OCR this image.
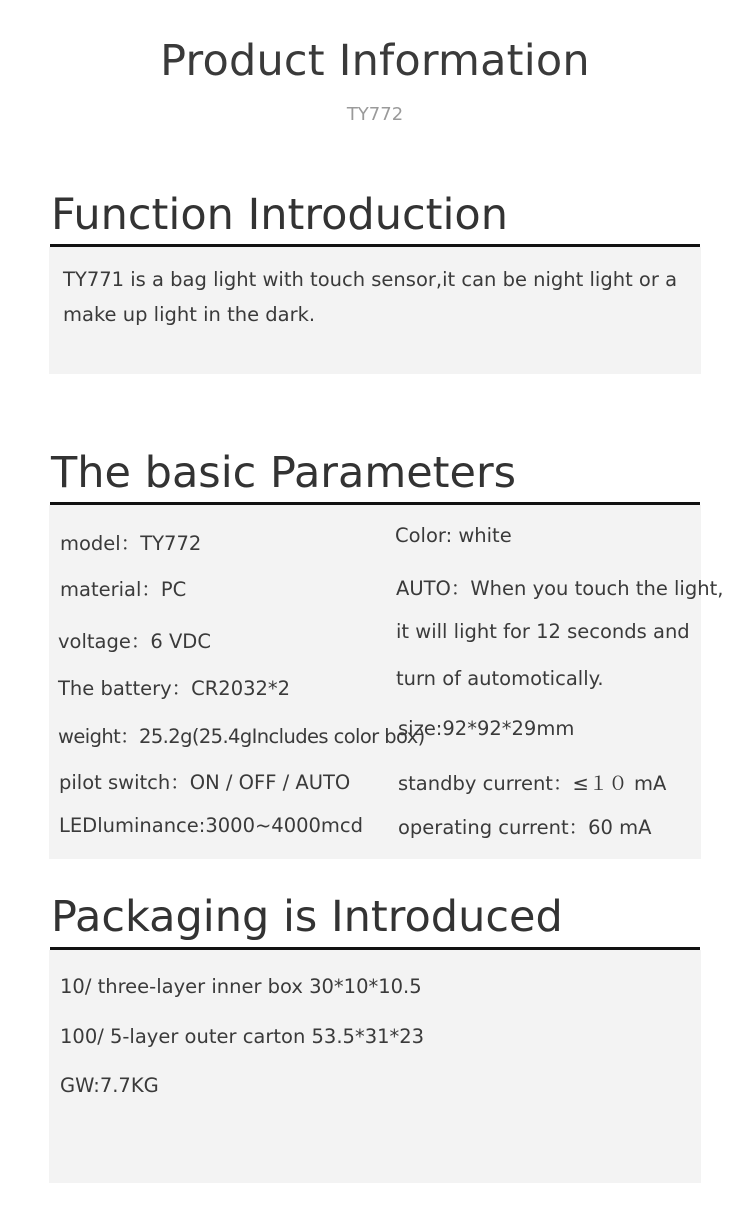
Product Information
TY772
Function Introduction
TY771 is a bag light with touch sensor,it can be night light or a make up light in the dark.
The basic Parameters
model：TY772
material：PC
voltage：6 VDC
The battery：CR2032*2
weight：25.2g(25.4gIncludes color box)
pilot switch：ON / OFF / AUTO
LEDluminance:3000~4000mcd
Color: white
AUTO：When you touch the light,
it will light for 12 seconds and
turn of automotically.
size:92*92*29mm
standby current：≤１０ mA
operating current：60 mA
Packaging is Introduced
10/ three-layer inner box 30*10*10.5
100/ 5-layer outer carton 53.5*31*23
GW:7.7KG
